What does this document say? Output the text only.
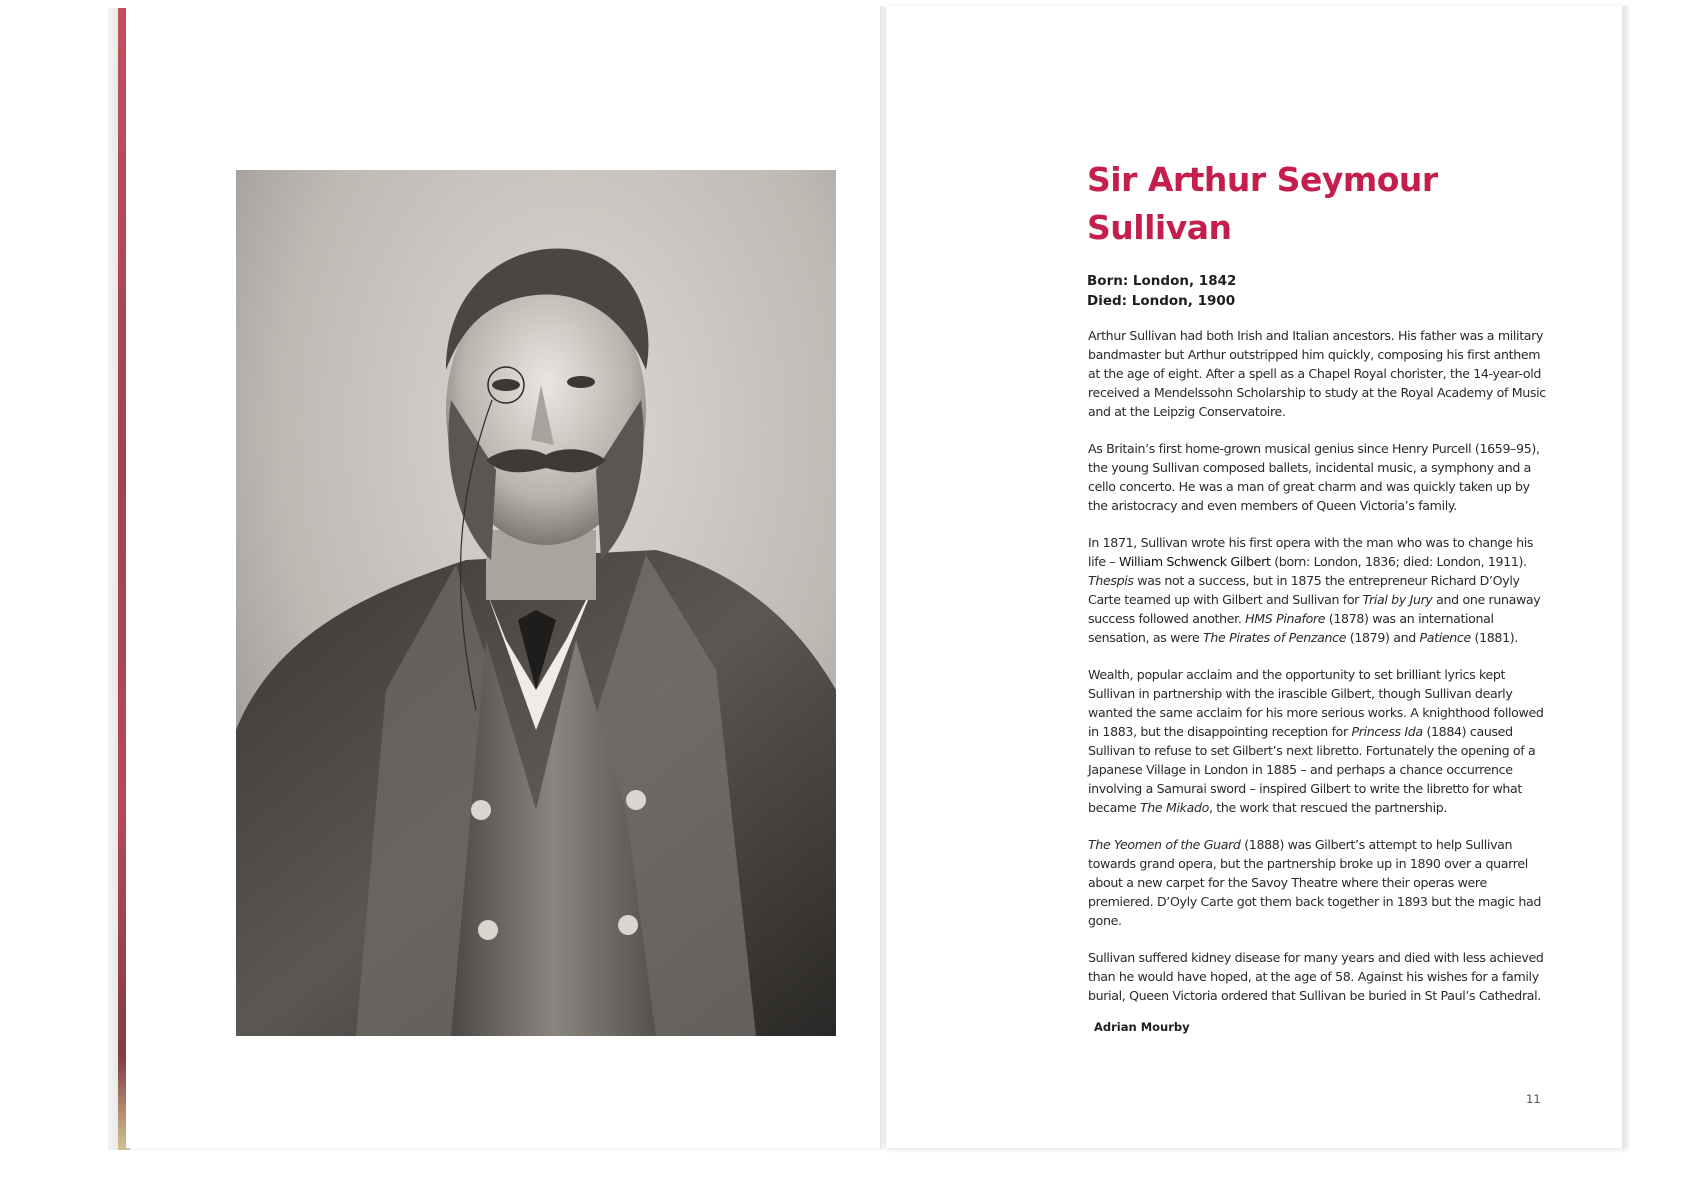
Sir Arthur Seymour Sullivan
Born: London, 1842
Died: London, 1900

Arthur Sullivan had both Irish and Italian ancestors. His father was a military bandmaster but Arthur outstripped him quickly, composing his first anthem at the age of eight. After a spell as a Chapel Royal chorister, the 14-year-old received a Mendelssohn Scholarship to study at the Royal Academy of Music and at the Leipzig Conservatoire.

As Britain’s first home-grown musical genius since Henry Purcell (1659–95), the young Sullivan composed ballets, incidental music, a symphony and a cello concerto. He was a man of great charm and was quickly taken up by the aristocracy and even members of Queen Victoria’s family.

In 1871, Sullivan wrote his first opera with the man who was to change his life – William Schwenck Gilbert (born: London, 1836; died: London, 1911). Thespis was not a success, but in 1875 the entrepreneur Richard D’Oyly Carte teamed up with Gilbert and Sullivan for Trial by Jury and one runaway success followed another. HMS Pinafore (1878) was an international sensation, as were The Pirates of Penzance (1879) and Patience (1881).

Wealth, popular acclaim and the opportunity to set brilliant lyrics kept Sullivan in partnership with the irascible Gilbert, though Sullivan dearly wanted the same acclaim for his more serious works. A knighthood followed in 1883, but the disappointing reception for Princess Ida (1884) caused Sullivan to refuse to set Gilbert’s next libretto. Fortunately the opening of a Japanese Village in London in 1885 – and perhaps a chance occurrence involving a Samurai sword – inspired Gilbert to write the libretto for what became The Mikado, the work that rescued the partnership.

The Yeomen of the Guard (1888) was Gilbert’s attempt to help Sullivan towards grand opera, but the partnership broke up in 1890 over a quarrel about a new carpet for the Savoy Theatre where their operas were premiered. D’Oyly Carte got them back together in 1893 but the magic had gone.

Sullivan suffered kidney disease for many years and died with less achieved than he would have hoped, at the age of 58. Against his wishes for a family burial, Queen Victoria ordered that Sullivan be buried in St Paul’s Cathedral.

Adrian Mourby
11
